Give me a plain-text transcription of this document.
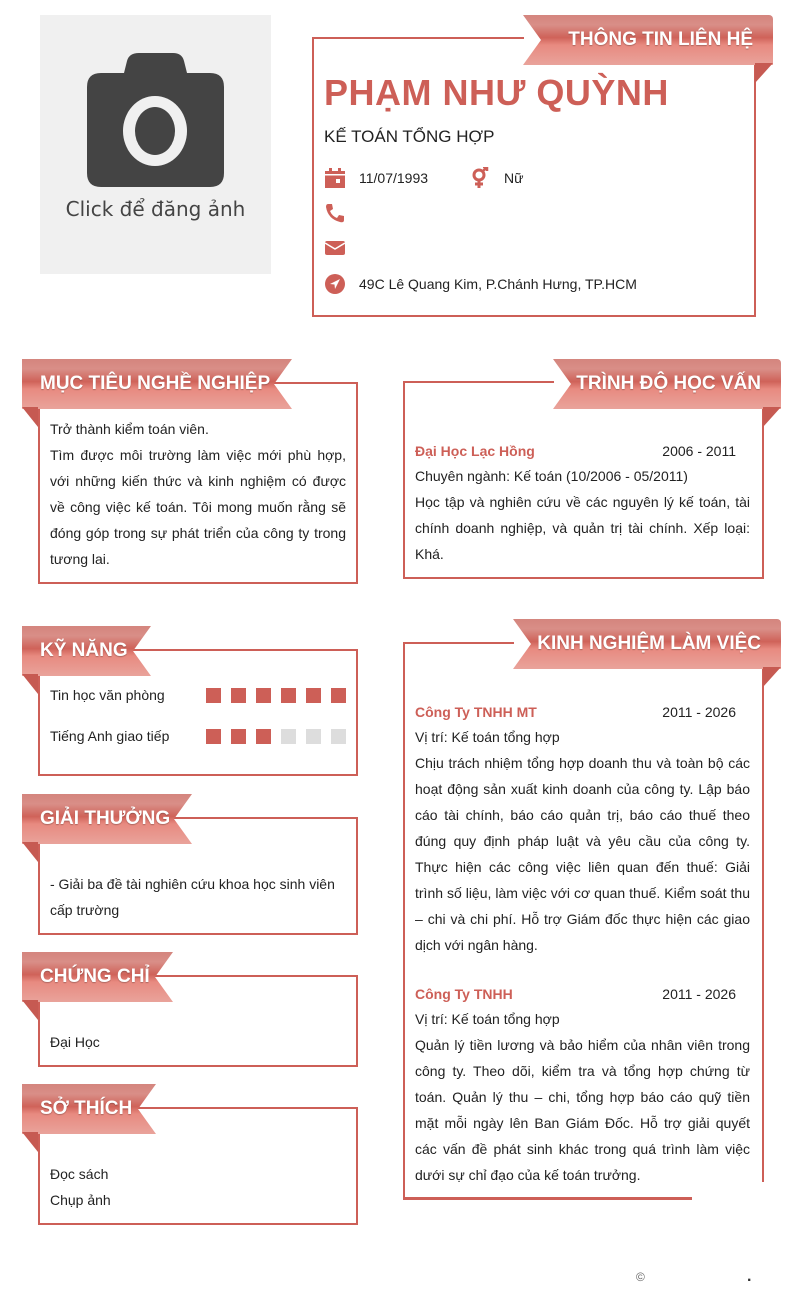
Click để đăng ảnh
THÔNG TIN LIÊN HỆ
PHẠM NHƯ QUỲNH
KẾ TOÁN TỔNG HỢP
11/07/1993	Nữ
49C Lê Quang Kim, P.Chánh Hưng, TP.HCM
MỤC TIÊU NGHỀ NGHIỆP
Trở thành kiểm toán viên.
Tìm được môi trường làm việc mới phù hợp, với những kiến thức và kinh nghiệm có được về công việc kế toán. Tôi mong muốn rằng sẽ đóng góp trong sự phát triển của công ty trong tương lai.
TRÌNH ĐỘ HỌC VẤN
Đại Học Lạc Hồng	2006 - 2011
Chuyên ngành: Kế toán (10/2006 - 05/2011)
Học tập và nghiên cứu về các nguyên lý kế toán, tài chính doanh nghiệp, và quản trị tài chính. Xếp loại: Khá.
KỸ NĂNG
Tin học văn phòng
Tiếng Anh giao tiếp
GIẢI THƯỞNG
- Giải ba đề tài nghiên cứu khoa học sinh viên cấp trường
CHỨNG CHỈ
Đại Học
SỞ THÍCH
Đọc sách
Chụp ảnh
KINH NGHIỆM LÀM VIỆC
Công Ty TNHH MT	2011 - 2026
Vị trí: Kế toán tổng hợp
Chịu trách nhiệm tổng hợp doanh thu và toàn bộ các hoạt động sản xuất kinh doanh của công ty. Lập báo cáo tài chính, báo cáo quản trị, báo cáo thuế theo đúng quy định pháp luật và yêu cầu của công ty. Thực hiện các công việc liên quan đến thuế: Giải trình số liệu, làm việc với cơ quan thuế. Kiểm soát thu – chi và chi phí. Hỗ trợ Giám đốc thực hiện các giao dịch với ngân hàng.
Công Ty TNHH	2011 - 2026
Vị trí: Kế toán tổng hợp
Quản lý tiền lương và bảo hiểm của nhân viên trong công ty. Theo dõi, kiểm tra và tổng hợp chứng từ toán. Quản lý thu – chi, tổng hợp báo cáo quỹ tiền mặt mỗi ngày lên Ban Giám Đốc. Hỗ trợ giải quyết các vấn đề phát sinh khác trong quá trình làm việc dưới sự chỉ đạo của kế toán trưởng.
©	.
